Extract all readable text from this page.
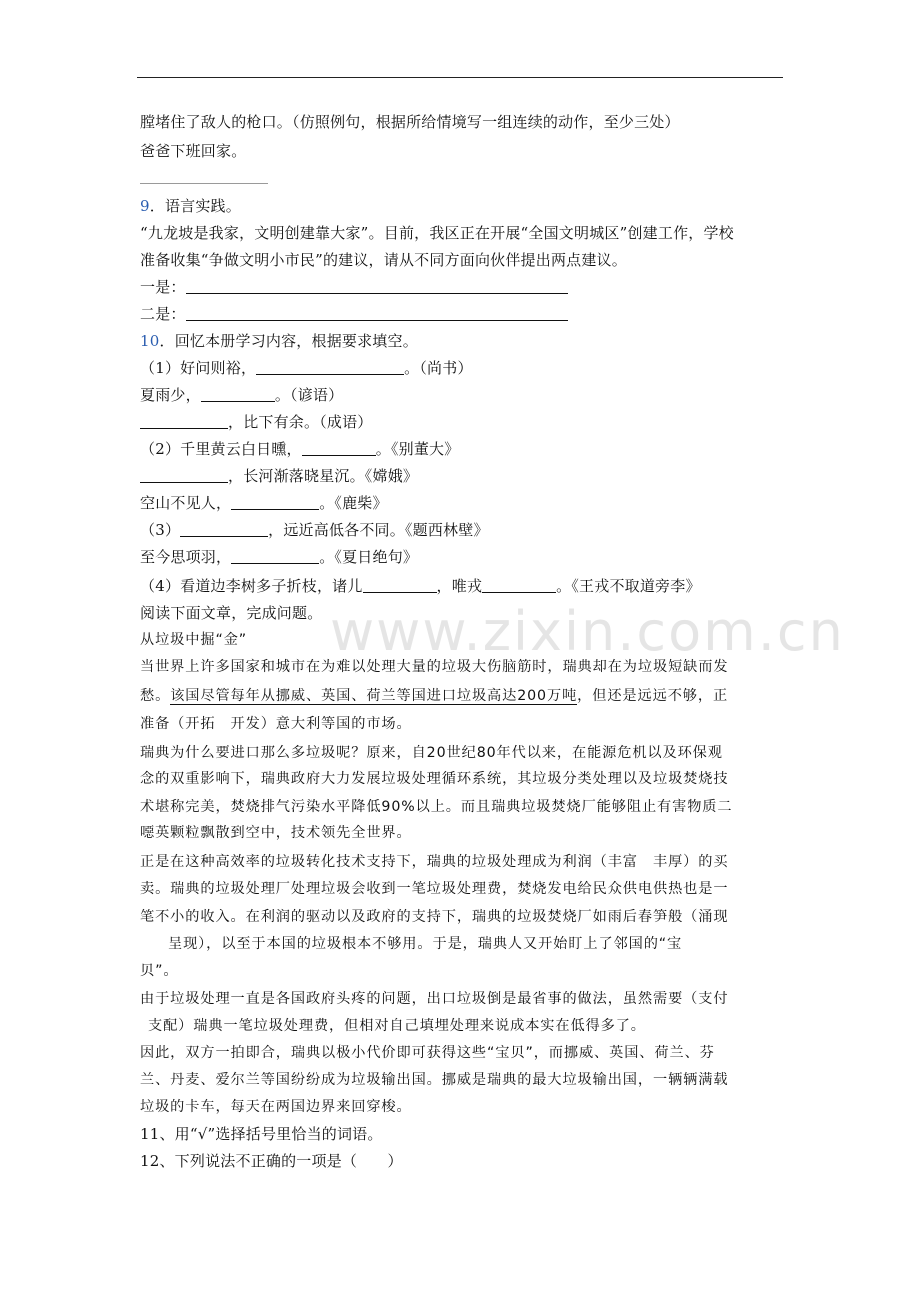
膛堵住了敌人的枪口。（仿照例句，根据所给情境写一组连续的动作，至少三处）
爸爸下班回家。
9．语言实践。
“九龙坡是我家，文明创建靠大家”。目前，我区正在开展“全国文明城区”创建工作，学校
准备收集“争做文明小市民”的建议，请从不同方面向伙伴提出两点建议。
一是：
二是：
10．回忆本册学习内容，根据要求填空。
（1）好问则裕，	。（尚书）
夏雨少，	。（谚语）
，比下有余。（成语）
（2）千里黄云白日曛，	。《别董大》
，长河渐落晓星沉。《嫦娥》
空山不见人，	。《鹿柴》
（3）	，远近高低各不同。《题西林壁》
至今思项羽，	。《夏日绝句》
（4）看道边李树多子折枝，诸儿	，唯戎	。《王戎不取道旁李》
阅读下面文章，完成问题。
从垃圾中掘“金”
当世界上许多国家和城市在为难以处理大量的垃圾大伤脑筋时，瑞典却在为垃圾短缺而发
愁。该国尽管每年从挪威、英国、荷兰等国进口垃圾高达200万吨，但还是远远不够，正
准备（开拓　开发）意大利等国的市场。
瑞典为什么要进口那么多垃圾呢？原来，自20世纪80年代以来，在能源危机以及环保观
念的双重影响下，瑞典政府大力发展垃圾处理循环系统，其垃圾分类处理以及垃圾焚烧技
术堪称完美，焚烧排气污染水平降低90%以上。而且瑞典垃圾焚烧厂能够阻止有害物质二
噁英颗粒飘散到空中，技术领先全世界。
正是在这种高效率的垃圾转化技术支持下，瑞典的垃圾处理成为利润（丰富　丰厚）的买
卖。瑞典的垃圾处理厂处理垃圾会收到一笔垃圾处理费，焚烧发电给民众供电供热也是一
笔不小的收入。在利润的驱动以及政府的支持下，瑞典的垃圾焚烧厂如雨后春笋般（涌现
呈现），以至于本国的垃圾根本不够用。于是，瑞典人又开始盯上了邻国的“宝
贝”。
由于垃圾处理一直是各国政府头疼的问题，出口垃圾倒是最省事的做法，虽然需要（支付
支配）瑞典一笔垃圾处理费，但相对自己填埋处理来说成本实在低得多了。
因此，双方一拍即合，瑞典以极小代价即可获得这些“宝贝”，而挪威、英国、荷兰、芬
兰、丹麦、爱尔兰等国纷纷成为垃圾输出国。挪威是瑞典的最大垃圾输出国，一辆辆满载
垃圾的卡车，每天在两国边界来回穿梭。
11、用“√”选择括号里恰当的词语。
12、下列说法不正确的一项是（　　）
www.zixin.com.cn
